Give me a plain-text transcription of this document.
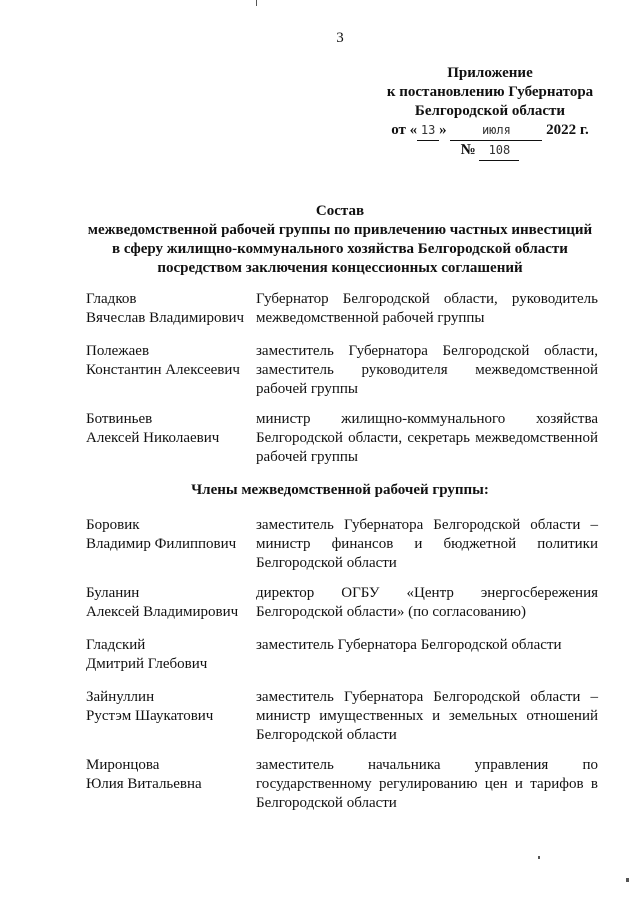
3
Приложение
к постановлению Губернатора
Белгородской области
от « 13 »	июля 2022 г.
№ 108
Состав
межведомственной рабочей группы по привлечению частных инвестиций
в сферу жилищно-коммунального хозяйства Белгородской области
посредством заключения концессионных соглашений
Гладков
Вячеслав Владимирович
Губернатор Белгородской области, руководитель межведомственной рабочей группы
Полежаев
Константин Алексеевич
заместитель Губернатора Белгородской области, заместитель руководителя межведомственной рабочей группы
Ботвиньев
Алексей Николаевич
министр жилищно-коммунального хозяйства Белгородской области, секретарь межведомственной рабочей группы
Члены межведомственной рабочей группы:
Боровик
Владимир Филиппович
заместитель Губернатора Белгородской области – министр финансов и бюджетной политики Белгородской области
Буланин
Алексей Владимирович
директор ОГБУ «Центр энергосбережения Белгородской области» (по согласованию)
Гладский
Дмитрий Глебович
заместитель Губернатора Белгородской области
Зайнуллин
Рустэм Шаукатович
заместитель Губернатора Белгородской области – министр имущественных и земельных отношений Белгородской области
Миронцова
Юлия Витальевна
заместитель начальника управления по государственному регулированию цен и тарифов в Белгородской области
